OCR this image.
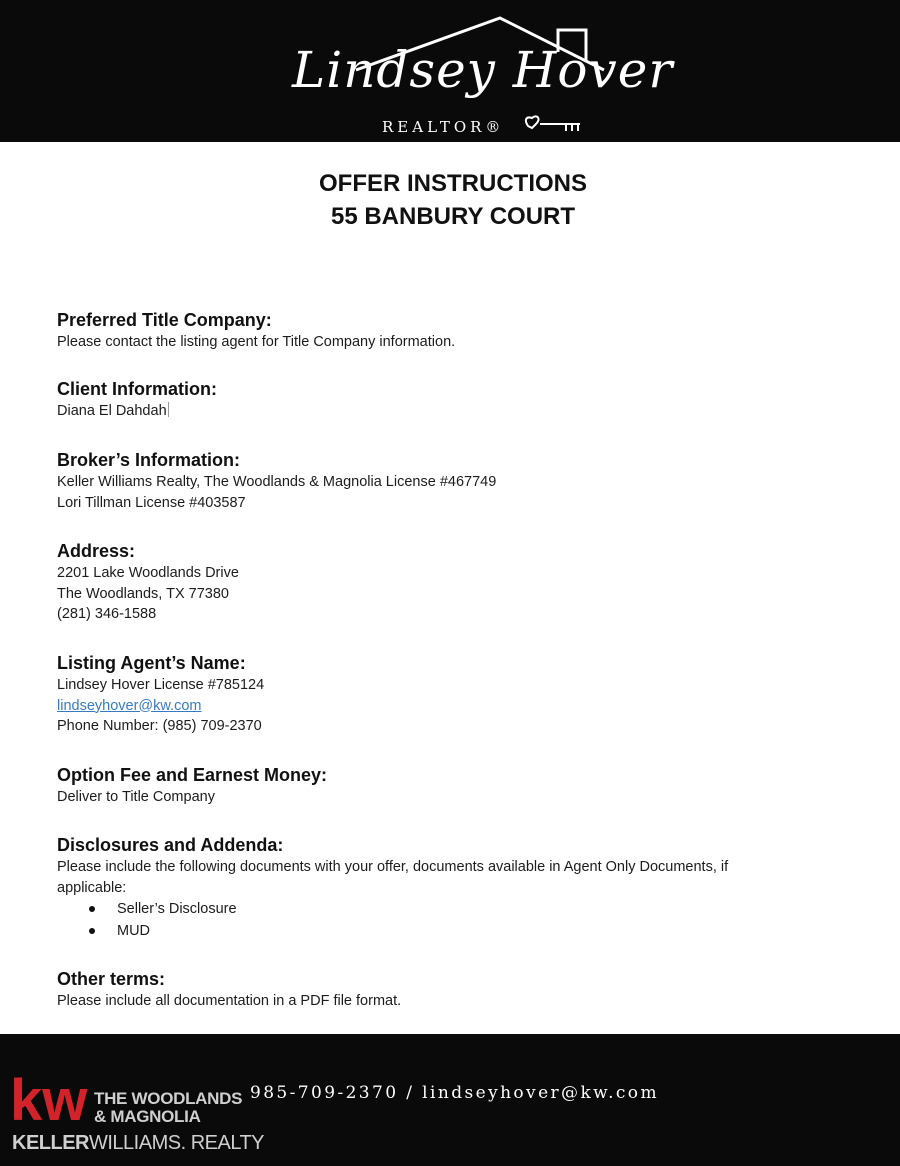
Lindsey Hover
REALTOR®
OFFER INSTRUCTIONS
55 BANBURY COURT
Preferred Title Company:
Please contact the listing agent for Title Company information.
Client Information:
Diana El Dahdah
Broker’s Information:
Keller Williams Realty, The Woodlands & Magnolia License #467749
Lori Tillman License #403587
Address:
2201 Lake Woodlands Drive
The Woodlands, TX 77380
(281) 346-1588
Listing Agent’s Name:
Lindsey Hover License #785124
lindseyhover@kw.com
Phone Number: (985) 709-2370
Option Fee and Earnest Money:
Deliver to Title Company
Disclosures and Addenda:
Please include the following documents with your offer, documents available in Agent Only Documents, if
applicable:
Seller’s Disclosure
MUD
Other terms:
Please include all documentation in a PDF file format.
kw THE WOODLANDS
& MAGNOLIA
KELLERWILLIAMS. REALTY
985-709-2370 / lindseyhover@kw.com
